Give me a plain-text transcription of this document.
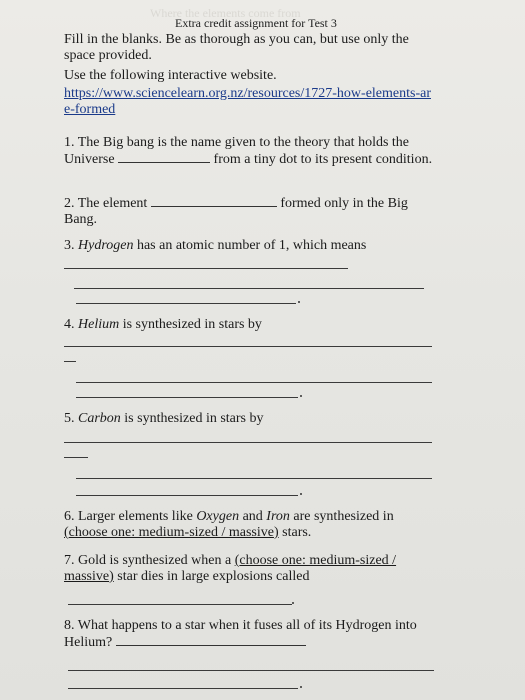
Where the elements come from
Extra credit assignment for Test 3
Fill in the blanks. Be as thorough as you can, but use only the space provided.
Use the following interactive website.
https://www.sciencelearn.org.nz/resources/1727-how-elements-are-formed
1. The Big bang is the name given to the theory that holds the Universe	from a tiny dot to its present condition.
2. The element	formed only in the Big Bang.
3. Hydrogen has an atomic number of 1, which means
4. Helium is synthesized in stars by
5. Carbon is synthesized in stars by
6. Larger elements like Oxygen and Iron are synthesized in (choose one: medium-sized / massive) stars.
7. Gold is synthesized when a (choose one: medium-sized / massive) star dies in large explosions called
8. What happens to a star when it fuses all of its Hydrogen into Helium?
